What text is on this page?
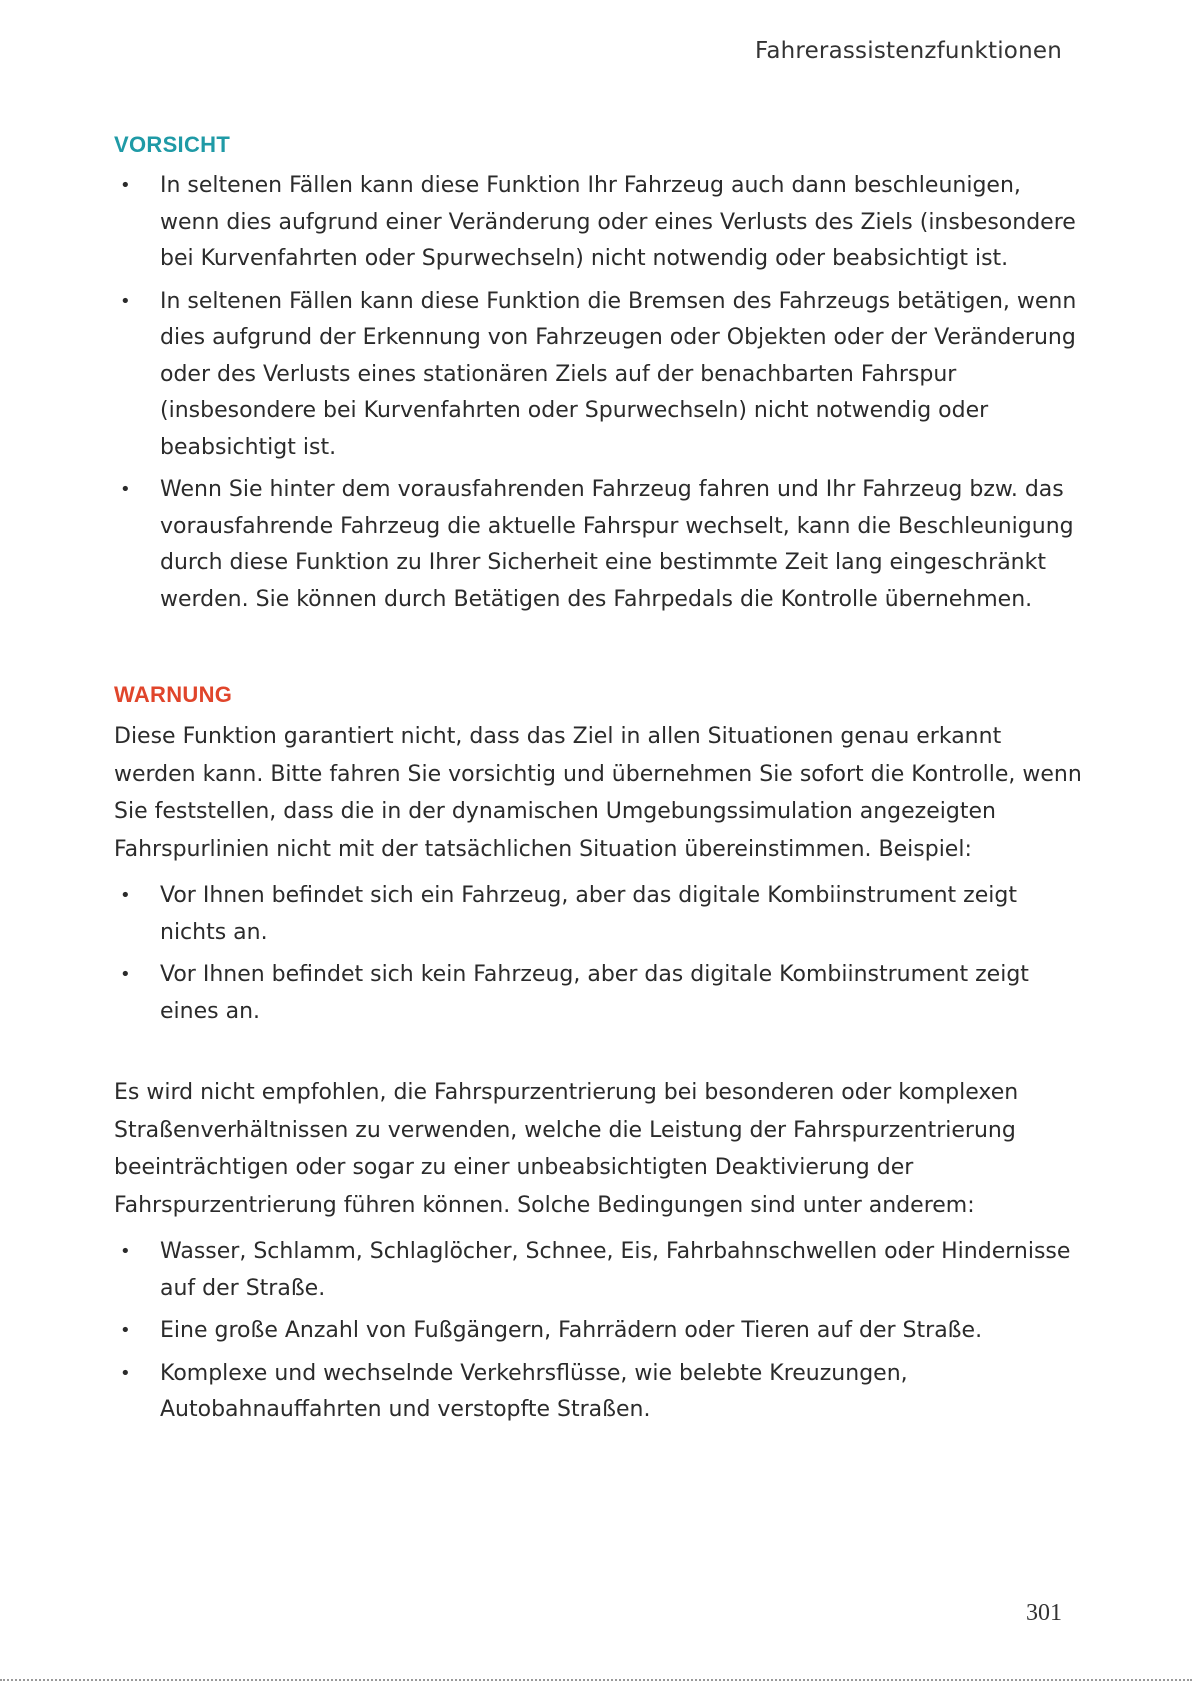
Fahrerassistenzfunktionen
VORSICHT
• In seltenen Fällen kann diese Funktion Ihr Fahrzeug auch dann beschleunigen, wenn dies aufgrund einer Veränderung oder eines Verlusts des Ziels (insbesondere bei Kurvenfahrten oder Spurwechseln) nicht notwendig oder beabsichtigt ist.
• In seltenen Fällen kann diese Funktion die Bremsen des Fahrzeugs betätigen, wenn dies aufgrund der Erkennung von Fahrzeugen oder Objekten oder der Veränderung oder des Verlusts eines stationären Ziels auf der benachbarten Fahrspur (insbesondere bei Kurvenfahrten oder Spurwechseln) nicht notwendig oder beabsichtigt ist.
• Wenn Sie hinter dem vorausfahrenden Fahrzeug fahren und Ihr Fahrzeug bzw. das vorausfahrende Fahrzeug die aktuelle Fahrspur wechselt, kann die Beschleunigung durch diese Funktion zu Ihrer Sicherheit eine bestimmte Zeit lang eingeschränkt werden. Sie können durch Betätigen des Fahrpedals die Kontrolle übernehmen.
WARNUNG

Diese Funktion garantiert nicht, dass das Ziel in allen Situationen genau erkannt werden kann. Bitte fahren Sie vorsichtig und übernehmen Sie sofort die Kontrolle, wenn Sie feststellen, dass die in der dynamischen Umgebungssimulation angezeigten Fahrspurlinien nicht mit der tatsächlichen Situation übereinstimmen. Beispiel:

• Vor Ihnen befindet sich ein Fahrzeug, aber das digitale Kombiinstrument zeigt nichts an.
• Vor Ihnen befindet sich kein Fahrzeug, aber das digitale Kombiinstrument zeigt eines an.

Es wird nicht empfohlen, die Fahrspurzentrierung bei besonderen oder komplexen Straßenverhältnissen zu verwenden, welche die Leistung der Fahrspurzentrierung beeinträchtigen oder sogar zu einer unbeabsichtigten Deaktivierung der Fahrspurzentrierung führen können. Solche Bedingungen sind unter anderem:

• Wasser, Schlamm, Schlaglöcher, Schnee, Eis, Fahrbahnschwellen oder Hindernisse auf der Straße.
• Eine große Anzahl von Fußgängern, Fahrrädern oder Tieren auf der Straße.
• Komplexe und wechselnde Verkehrsflüsse, wie belebte Kreuzungen, Autobahnauffahrten und verstopfte Straßen.
301
